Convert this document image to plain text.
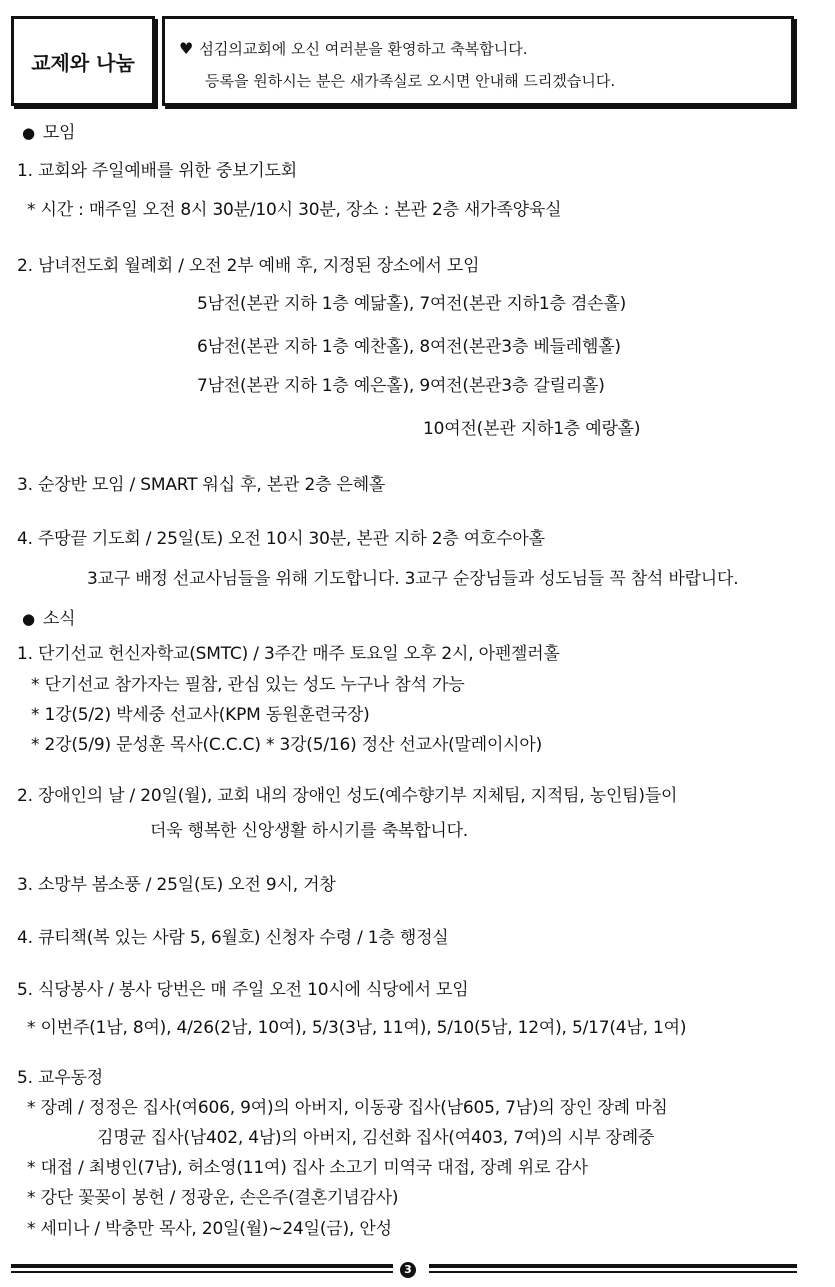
교제와 나눔
♥ 섬김의교회에 오신 여러분을 환영하고 축복합니다.
등록을 원하시는 분은 새가족실로 오시면 안내해 드리겠습니다.
● 모임
1. 교회와 주일예배를 위한 중보기도회
* 시간 : 매주일 오전 8시 30분/10시 30분, 장소 : 본관 2층 새가족양육실
2. 남녀전도회 월례회 / 오전 2부 예배 후, 지정된 장소에서 모임
5남전(본관 지하 1층 예닮홀), 7여전(본관 지하1층 겸손홀)
6남전(본관 지하 1층 예찬홀), 8여전(본관3층 베들레헴홀)
7남전(본관 지하 1층 예은홀), 9여전(본관3층 갈릴리홀)
10여전(본관 지하1층 예랑홀)
3. 순장반 모임 / SMART 워십 후, 본관 2층 은혜홀
4. 주땅끝 기도회 / 25일(토) 오전 10시 30분, 본관 지하 2층 여호수아홀
3교구 배정 선교사님들을 위해 기도합니다. 3교구 순장님들과 성도님들 꼭 참석 바랍니다.
● 소식
1. 단기선교 헌신자학교(SMTC) / 3주간 매주 토요일 오후 2시, 아펜젤러홀
* 단기선교 참가자는 필참, 관심 있는 성도 누구나 참석 가능
* 1강(5/2) 박세중 선교사(KPM 동원훈련국장)
* 2강(5/9) 문성훈 목사(C.C.C) * 3강(5/16) 정산 선교사(말레이시아)
2. 장애인의 날 / 20일(월), 교회 내의 장애인 성도(예수향기부 지체팀, 지적팀, 농인팀)들이
더욱 행복한 신앙생활 하시기를 축복합니다.
3. 소망부 봄소풍 / 25일(토) 오전 9시, 거창
4. 큐티책(복 있는 사람 5, 6월호) 신청자 수령 / 1층 행정실
5. 식당봉사 / 봉사 당번은 매 주일 오전 10시에 식당에서 모임
* 이번주(1남, 8여), 4/26(2남, 10여), 5/3(3남, 11여), 5/10(5남, 12여), 5/17(4남, 1여)
5. 교우동정
* 장례 / 정정은 집사(여606, 9여)의 아버지, 이동광 집사(남605, 7남)의 장인 장례 마침
김명균 집사(남402, 4남)의 아버지, 김선화 집사(여403, 7여)의 시부 장례중
* 대접 / 최병인(7남), 허소영(11여) 집사 소고기 미역국 대접, 장례 위로 감사
* 강단 꽃꽂이 봉헌 / 정광운, 손은주(결혼기념감사)
* 세미나 / 박충만 목사, 20일(월)~24일(금), 안성
3
